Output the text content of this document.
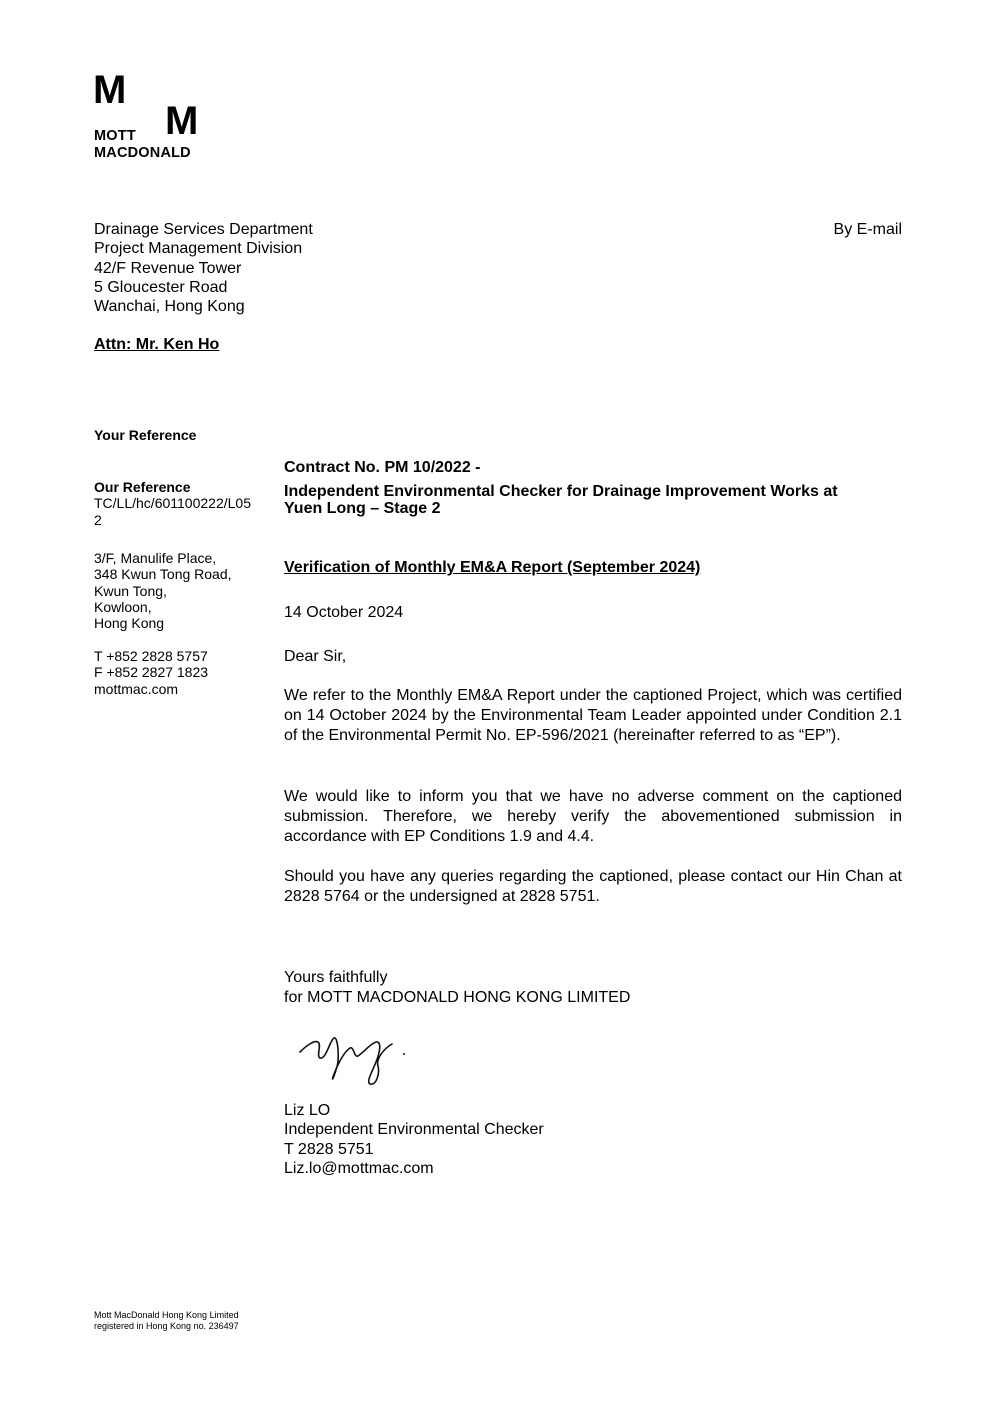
M
M
MOTT
MACDONALD
Drainage Services Department
Project Management Division
42/F Revenue Tower
5 Gloucester Road
Wanchai, Hong Kong
Attn: Mr. Ken Ho
By E-mail
Your Reference
Our Reference
TC/LL/hc/601100222/L05
2
3/F, Manulife Place,
348 Kwun Tong Road,
Kwun Tong,
Kowloon,
Hong Kong
T +852 2828 5757
F +852 2827 1823
mottmac.com
Contract No. PM 10/2022 -
Independent Environmental Checker for Drainage Improvement Works at
Yuen Long – Stage 2
Verification of Monthly EM&A Report (September 2024)
14 October 2024
Dear Sir,
We refer to the Monthly EM&A Report under the captioned Project, which was certified on 14 October 2024 by the Environmental Team Leader appointed under Condition 2.1 of the Environmental Permit No. EP-596/2021 (hereinafter referred to as “EP”).
We would like to inform you that we have no adverse comment on the captioned submission. Therefore, we hereby verify the abovementioned submission in accordance with EP Conditions 1.9 and 4.4.
Should you have any queries regarding the captioned, please contact our Hin Chan at 2828 5764 or the undersigned at 2828 5751.
Yours faithfully
for MOTT MACDONALD HONG KONG LIMITED
Liz LO
Independent Environmental Checker
T 2828 5751
Liz.lo@mottmac.com
Mott MacDonald Hong Kong Limited
registered in Hong Kong no. 236497
